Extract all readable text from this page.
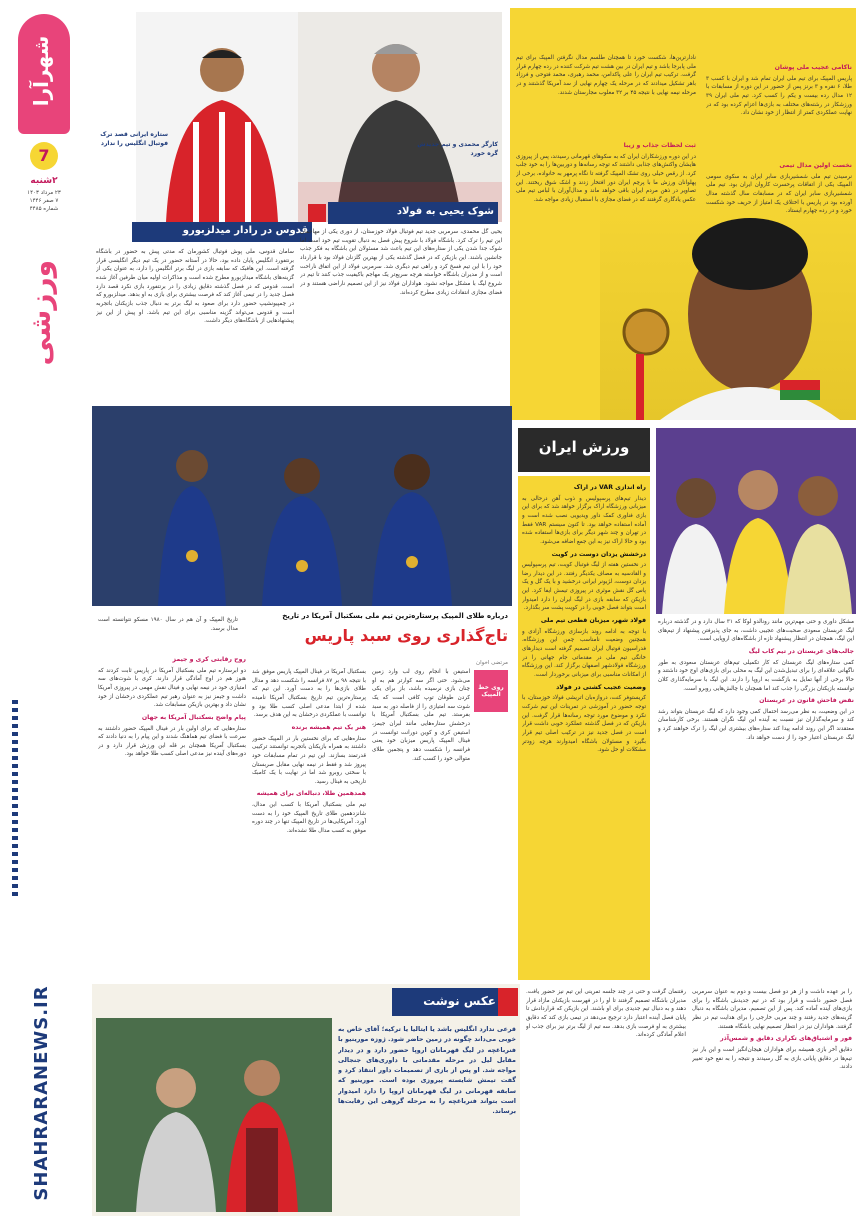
شهرآرا
7
۲شنبه
۲۳ مرداد ۱۴۰۳
۷ صفر ۱۴۴۶
شماره ۴۴۸۵
ورزشی
SHAHRARANEWS.IR
ناکامی عجیب ملی پوشان
پاریس المپیک برای تیم ملی ایران تمام شد و ایران با کسب ۳ طلا، ۶ نقره و ۳ برنز پس از حضور در این دوره از مسابقات با ۱۲ مدال رده بیست و یکم را کسب کرد. تیم ملی ایران ۳۹ ورزشکار در رشته‌های مختلف به بازی‌ها اعزام کرده بود که در نهایت عملکردی کمتر از انتظار از خود نشان داد.
نخست اولین مدال تیمی
نرسیدن تیم ملی شمشیربازی سابر ایران به سکوی سومی المپیک یکی از اتفاقات پرحسرت کاروان ایران بود. تیم ملی شمشیربازی سابر ایران که در مسابقات سال گذشته مدال آورده بود در پاریس با اختلاف یک امتیاز از حریف خود شکست خورد و در رده چهارم ایستاد.
نادارترین‌ها، شکست خورد تا همچنان طلسم مدال نگرفتن المپیک برای تیم ملی پابرجا باشد و تیم ایران در بین هشت تیم شرکت کننده در رده چهارم قرار گرفت. ترکیب تیم ایران را علی پاکدامن، محمد رهبری، محمد فتوحی و فرزاد باهر تشکیل میدادند که در مرحله یک چهارم نهایی از سد آمریکا گذشتند و در مرحله نیمه نهایی با نتیجه ۴۵ بر ۳۲ مغلوب مجارستان شدند.
ثبت لحظات جذاب و زیبا
در این دوره ورزشکاران ایران که به سکوهای قهرمانی رسیدند، پس از پیروزی هایشان واکنش‌های جذابی داشتند که توجه رسانه‌ها و دوربین‌ها را به خود جلب کرد. از رقص خیلی روی تشک المپیک گرفته تا نگاه پرمهر به خانواده، برخی از پهلوانان ورزش ما با پرچم ایران دور افتخار زدند و اشک شوق ریختند. این تصاویر در ذهن مردم ایران باقی خواهد ماند و مدال‌آوران با لباس تیم ملی عکس یادگاری گرفتند که در فضای مجازی با استقبال زیادی مواجه شد.
ستاره ایرانی قصد ترک فوتبال انگلیس را ندارد	کارگر محمدی و تیم جدیدش گره خورد
قدوس در رادار میدلزبورو
شوک یحیی به فولاد
سامان قدوس، ملی پوش فوتبال کشورمان که مدتی پیش به حضور در باشگاه برنتفورد انگلیس پایان داده بود، حالا در آستانه حضور در یک تیم دیگر انگلیسی قرار گرفته است. این هافبک که سابقه بازی در لیگ برتر انگلیس را دارد، به عنوان یکی از گزینه‌های باشگاه میدلزبورو مطرح شده است و مذاکرات اولیه میان طرفین آغاز شده است. قدوس که در فصل گذشته دقایق زیادی را در برنتفورد بازی نکرد قصد دارد فصل جدید را در تیمی آغاز کند که فرصت بیشتری برای بازی به او بدهد. میدلزبورو که در چمپیونشیپ حضور دارد برای صعود به لیگ برتر به دنبال جذب بازیکنان باتجربه است و قدوس می‌تواند گزینه مناسبی برای این تیم باشد. او پیش از این نیز پیشنهادهایی از باشگاه‌های دیگر داشت.
یحیی گل محمدی، سرمربی جدید تیم فوتبال فولاد خوزستان، از دوری یکی از مهاجمان این تیم را ترک کرد. باشگاه فولاد با شروع پیش فصل به دنبال تقویت تیم خود است اما شوک جدا شدن یکی از ستاره‌های این تیم باعث شد مسئولان این باشگاه به فکر جذب جانشین باشند. این بازیکن که در فصل گذشته یکی از بهترین گلزنان فولاد بود با قرارداد خود را با این تیم فسخ کرد و راهی تیم دیگری شد. سرمربی فولاد از این اتفاق ناراحت است و از مدیران باشگاه خواسته هرچه سریع‌تر یک مهاجم باکیفیت جذب کنند تا تیم در شروع لیگ با مشکل مواجه نشود. هواداران فولاد نیز از این تصمیم ناراضی هستند و در فضای مجازی انتقادات زیادی مطرح کرده‌اند.
ورزش ایران
راه اندازی VAR در اراک
دیدار تیم‌های پرسپولیس و ذوب آهن درحالی به میزبانی ورزشگاه اراک برگزار خواهد شد که برای این بازی فناوری کمک داور ویدیویی نصب شده است و آماده استفاده خواهد بود. تا کنون سیستم VAR فقط در تهران و چند شهر دیگر برای بازی‌ها استفاده شده بود و حالا اراک نیز به این جمع اضافه می‌شود.
درخشش یزدان دوست در کویت
در نخستین هفته از لیگ فوتبال کویت، تیم پرسپولیس و القادسیه به مصاف یکدیگر رفتند. در این دیدار رضا یزدان دوست، لژیونر ایرانی درخشید و با یک گل و یک پاس گل نقش موثری در پیروزی تیمش ایفا کرد. این بازیکن که سابقه بازی در لیگ ایران را دارد امیدوار است بتواند فصل خوبی را در کویت پشت سر بگذارد.
فولاد شهر، میزبان قطعی تیم ملی
با توجه به ادامه روند بازسازی ورزشگاه آزادی و همچنین وضعیت نامناسب چمن این ورزشگاه، فدراسیون فوتبال ایران تصمیم گرفته است دیدارهای خانگی تیم ملی در مقدماتی جام جهانی را در ورزشگاه فولادشهر اصفهان برگزار کند. این ورزشگاه از امکانات مناسبی برای میزبانی برخوردار است.
وضعیت عجیب کشتی در فولاد
کریستوفر کنت، دروازه‌بان اتریشی فولاد خوزستان، با توجه حضور در آموزشی در تمرینات این تیم شرکت نکرد و موضوع مورد توجه رسانه‌ها قرار گرفت. این بازیکن که در فصل گذشته عملکرد خوبی داشت قرار است در فصل جدید نیز در ترکیب اصلی تیم قرار بگیرد و مسئولان باشگاه امیدوارند هرچه زودتر مشکلات او حل شود.
مشکل داوری و حتی مهم‌ترین مانند رونالدو لوکا که ۳۱ سال دارد و در گذشته درباره لیگ عربستان سعودی صحبت‌های عجیبی داشت، به جای پذیرفتن پیشنهاد از تیم‌های این لیگ، همچنان در انتظار پیشنهاد تازه از باشگاه‌های اروپایی است.
جالب‌های عربستان در تیم کاب لیگ
کمی ستاره‌های لیگ عربستان که کار تکمیلی تیم‌های عربستان سعودی به طور ناگهانی علاقه‌ای را برای تبدیل‌شدن این لیگ به محلی برای بازی‌های اوج خود داشتند و حالا برخی از آنها تمایل به بازگشت به اروپا را دارند. این لیگ با سرمایه‌گذاری کلان توانسته بازیکنان بزرگی را جذب کند اما همچنان با چالش‌هایی روبرو است.
نقض فاحش قانون در عربستان
در این وضعیت، به نظر می‌رسد احتمال کمی وجود دارد که لیگ عربستان بتواند رشد کند و سرمایه‌گذاران نیز نسبت به آینده این لیگ نگران هستند. برخی کارشناسان معتقدند اگر این روند ادامه پیدا کند ستاره‌های بیشتری این لیگ را ترک خواهند کرد و لیگ عربستان اعتبار خود را از دست خواهد داد.
درباره طلای المپیک پرستاره‌ترین تیم ملی بسکتبال آمریکا در تاریخ
تاج‌گذاری روی سبد پاریس
تاریخ المپیک و آن هم در سال ۱۹۸۰ مسکو نتوانسته است مدال برسد.
مرتضی اخوان
روی خط المپیک
استیفن با انجام روی لب وارد زمین می‌شود. حتی اگر سه کوارتر هم به او چنان بازی نرسیده باشد، باز برای یکی کردن طوفان توپ کافی است که یک شوت سه امتیازی را از فاصله دور به سبد بفرستد. تیم ملی بسکتبال آمریکا با درخشش ستاره‌هایی مانند لبران جیمز، استیفن کری و کوین دورانت توانست در فینال المپیک پاریس میزبان خود یعنی فرانسه را شکست دهد و پنجمین طلای متوالی خود را کسب کند.
بسکتبال آمریکا در فینال المپیک پاریس موفق شد با نتیجه ۹۸ بر ۸۷ فرانسه را شکست دهد و مدال طلای بازی‌ها را به دست آورد. این تیم که پرستاره‌ترین تیم تاریخ بسکتبال آمریکا نامیده شده از ابتدا مدعی اصلی کسب طلا بود و توانست با عملکردی درخشان به این هدف برسد.
هنر یک تیم همیشه برنده
ستاره‌هایی که برای نخستین بار در المپیک حضور داشتند به همراه بازیکنان باتجربه توانستند ترکیبی قدرتمند بسازند. این تیم در تمام مسابقات خود پیروز شد و فقط در نیمه نهایی مقابل صربستان با سختی روبرو شد اما در نهایت با یک کامبک تاریخی به فینال رسید.
همدهمین طلا، دنباله‌ای برای همیشه
تیم ملی بسکتبال آمریکا با کسب این مدال، شانزدهمین طلای تاریخ المپیک خود را به دست آورد. آمریکایی‌ها در تاریخ المپیک تنها در چند دوره موفق به کسب مدال طلا نشده‌اند.
روح رقابتی کری و جیمز
دو ابرستاره تیم ملی بسکتبال آمریکا در پاریس ثابت کردند که هنوز هم در اوج آمادگی قرار دارند. کری با شوت‌های سه امتیازی خود در نیمه نهایی و فینال نقش مهمی در پیروزی آمریکا داشت و جیمز نیز به عنوان رهبر تیم عملکردی درخشان از خود نشان داد و بهترین بازیکن مسابقات شد.
پیام واضح بسکتبال آمریکا به جهان
ستاره‌هایی که برای اولین بار در فینال المپیک حضور داشتند به سرعت با فضای تیم هماهنگ شدند و این پیام را به دنیا دادند که بسکتبال آمریکا همچنان بر قله این ورزش قرار دارد و در دوره‌های آینده نیز مدعی اصلی کسب طلا خواهد بود.
عکس نوشت
قرعی ندارد انگلیس باشد یا ایتالیا یا ترکیه؛ آقای خاص به خوبی می‌داند چگونه در زمین حاضر شود. ژوزه مورینیو با فنرباغچه در لیگ قهرمانان اروپا حضور دارد و در دیدار مقابل لیل در مرحله مقدماتی با داوری‌های جنجالی مواجه شد. او پس از بازی از تصمیمات داور انتقاد کرد و گفت تیمش شایسته پیروزی بوده است. مورینیو که سابقه قهرمانی در لیگ قهرمانان اروپا را دارد امیدوار است بتواند فنرباغچه را به مرحله گروهی این رقابت‌ها برساند.
رفتنمان گرفت و حتی در چند جلسه تمرینی این تیم نیز حضور یافت. مدیران باشگاه تصمیم گرفتند تا او را در فهرست بازیکنان مازاد قرار دهند و به دنبال تیم جدیدی برای او باشند. این بازیکن که قراردادش تا پایان فصل آینده اعتبار دارد ترجیح می‌دهد در تیمی بازی کند که دقایق بیشتری به او فرصت بازی بدهد. سه تیم از لیگ برتر نیز برای جذب او اعلام آمادگی کرده‌اند.
را بر عهده داشت و از هر دو فصل بیست و دوم به عنوان سرمربی فصل حضور داشت و قرار بود که در تیم جدیدش باشگاه را برای بازی‌های آینده آماده کند. پس از این تصمیم، مدیران باشگاه به دنبال گزینه‌های جدید رفتند و چند مربی خارجی را برای هدایت تیم در نظر گرفتند. هواداران نیز در انتظار تصمیم نهایی باشگاه هستند.
فور و اشتیاق‌های تکراری دقایق و شمس‌آذر
دقایق آخر بازی همیشه برای هواداران هیجان‌انگیز است و این بار نیز تیم‌ها در دقایق پایانی بازی به گل رسیدند و نتیجه را به نفع خود تغییر دادند.
